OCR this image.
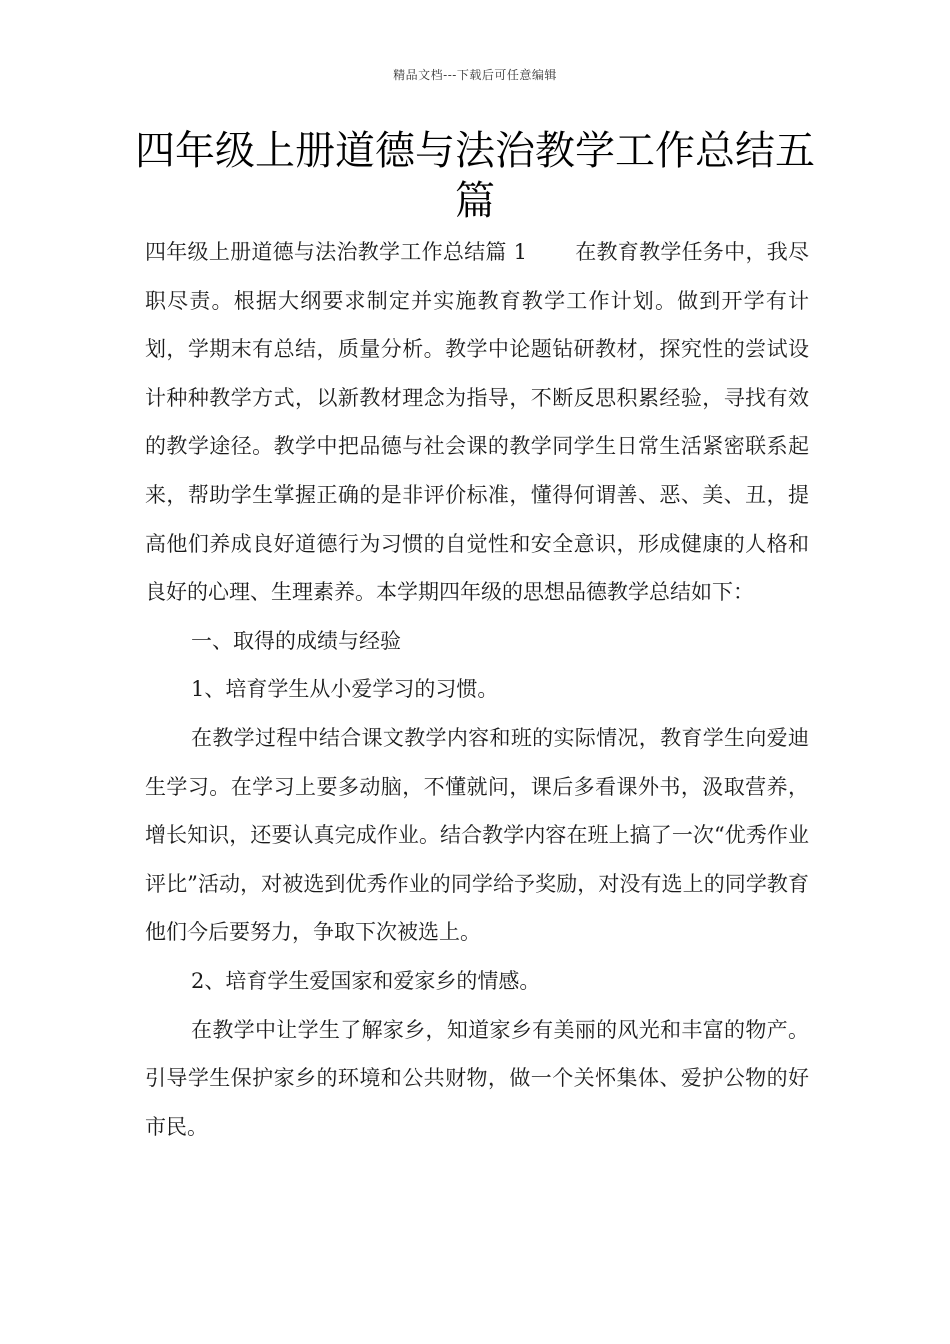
精品文档---下载后可任意编辑
四年级上册道德与法治教学工作总结五篇

四年级上册道德与法治教学工作总结篇 1 在教育教学任务中，我尽职尽责。根据大纲要求制定并实施教育教学工作计划。做到开学有计划，学期末有总结，质量分析。教学中论题钻研教材，探究性的尝试设计种种教学方式，以新教材理念为指导，不断反思积累经验，寻找有效的教学途径。教学中把品德与社会课的教学同学生日常生活紧密联系起来，帮助学生掌握正确的是非评价标准，懂得何谓善、恶、美、丑，提高他们养成良好道德行为习惯的自觉性和安全意识，形成健康的人格和良好的心理、生理素养。本学期四年级的思想品德教学总结如下：

一、取得的成绩与经验

1、培育学生从小爱学习的习惯。

在教学过程中结合课文教学内容和班的实际情况，教育学生向爱迪生学习。在学习上要多动脑，不懂就问，课后多看课外书，汲取营养，增长知识，还要认真完成作业。结合教学内容在班上搞了一次“优秀作业评比”活动，对被选到优秀作业的同学给予奖励，对没有选上的同学教育他们今后要努力，争取下次被选上。

2、培育学生爱国家和爱家乡的情感。

在教学中让学生了解家乡，知道家乡有美丽的风光和丰富的物产。引导学生保护家乡的环境和公共财物，做一个关怀集体、爱护公物的好市民。
